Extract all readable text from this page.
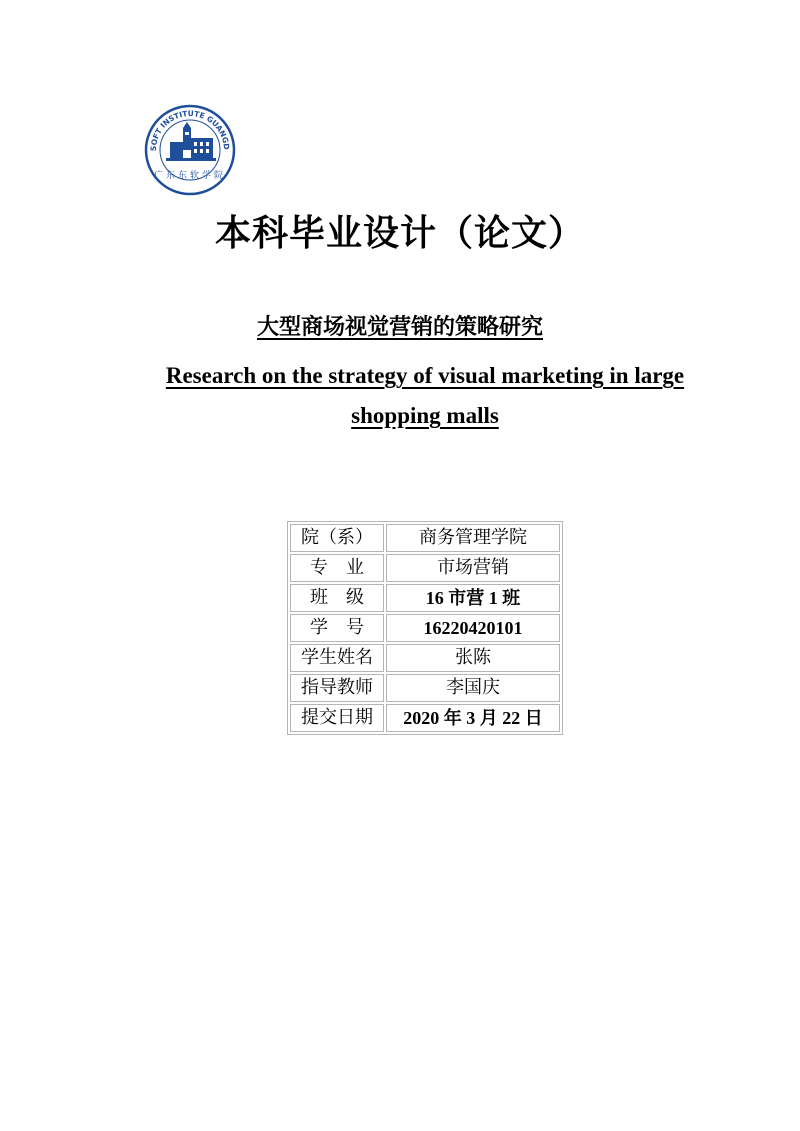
SOFT INSTITUTE GUANGD
广东东软学院
本科毕业设计（论文）
大型商场视觉营销的策略研究
Research on the strategy of visual marketing in large shopping malls
院（系）	商务管理学院
专　业	市场营销
班　级	16 市营 1 班
学　号	16220420101
学生姓名	张陈
指导教师	李国庆
提交日期	2020 年 3 月 22 日
